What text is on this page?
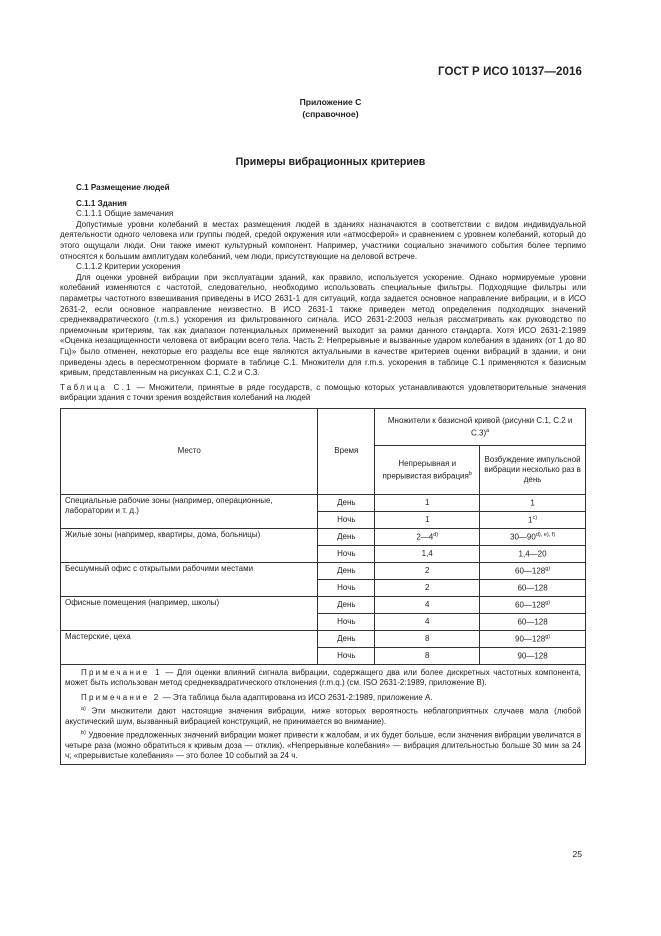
ГОСТ Р ИСО 10137—2016
Приложение С
(справочное)
Примеры вибрационных критериев
С.1 Размещение людей
С.1.1 Здания
С.1.1.1 Общие замечания

Допустимые уровни колебаний в местах размещения людей в зданиях назначаются в соответствии с видом индивидуальной деятельности одного человека или группы людей, средой окружения или «атмосферой» и сравнением с уровнем колебаний, который до этого ощущали люди. Они также имеют культурный компонент. Например, участники социально значимого события более терпимо относятся к большим амплитудам колебаний, чем люди, присутствующие на деловой встрече.

С.1.1.2 Критерии ускорения

Для оценки уровней вибрации при эксплуатации зданий, как правило, используется ускорение. Однако нормируемые уровни колебаний изменяются с частотой, следовательно, необходимо использовать специальные фильтры. Подходящие фильтры или параметры частотного взвешивания приведены в ИСО 2631-1 для ситуаций, когда задается основное направление вибрации, и в ИСО 2631-2, если основное направление неизвестно. В ИСО 2631-1 также приведен метод определения подходящих значений среднеквадратического (r.m.s.) ускорения из фильтрованного сигнала. ИСО 2631-2:2003 нельзя рассматривать как руководство по приемочным критериям, так как диапазон потенциальных применений выходит за рамки данного стандарта. Хотя ИСО 2631-2:1989 «Оценка незащищенности человека от вибрации всего тела. Часть 2: Непрерывные и вызванные ударом колебания в зданиях (от 1 до 80 Гц)» было отменен, некоторые его разделы все еще являются актуальными в качестве критериев оценки вибраций в здании, и они приведены здесь в пересмотренном формате в таблице С.1. Множители для r.m.s. ускорения в таблице С.1 применяются к базисным кривым, представленным на рисунках С.1, С.2 и С.3.

Таблица С.1 — Множители, принятые в ряде государств, с помощью которых устанавливаются удовлетворительные значения вибрации здания с точки зрения воздействия колебаний на людей
Место	Время	Множители к базисной кривой (рисунки С.1, С.2 и С.3)$^a$
		Непрерывная и прерывистая вибрация$^b$	Возбуждение импульсной вибрации несколько раз в день
Специальные рабочие зоны (например, операционные, лаборатории и т. д.)	День	1	1
	Ночь	1	1$^{c)}$
Жилые зоны (например, квартиры, дома, больницы)	День	2—4$^{d)}$	$30—90^{d), e), f)}$
	Ночь	1,4	1,4—20
Бесшумный офис с открытыми рабочими местами	День	2	60—128$^{g)}$
	Ночь	2	60—128
Офисные помещения (например, школы)	День	4	60—128$^{g)}$
	Ночь	4	60—128
Мастерские, цеха	День	8	90—128$^{g)}$
	Ночь	8	90—128

Примечание 1 — Для оценки влияний сигнала вибрации, содержащего два или более дискретных частотных компонента, может быть использован метод среднеквадратического отклонения (r.m.q.) (см. ISO 2631-2:1989, приложение В).

Примечание 2 — Эта таблица была адаптирована из ИСО 2631-2:1989, приложение А.

$^{a)}$ Эти множители дают настоящие значения вибрации, ниже которых вероятность неблагоприятных случаев мала (любой акустический шум, вызванный вибрацией конструкций, не принимается во внимание).

$^{b)}$ Удвоение предложенных значений вибрации может привести к жалобам, и их будет больше, если значения вибрации увеличатся в четыре раза (можно обратиться к кривым доза — отклик). «Непрерывные колебания» — вибрация длительностью больше 30 мин за 24 ч; «прерывистые колебания» — это более 10 событий за 24 ч.

25
